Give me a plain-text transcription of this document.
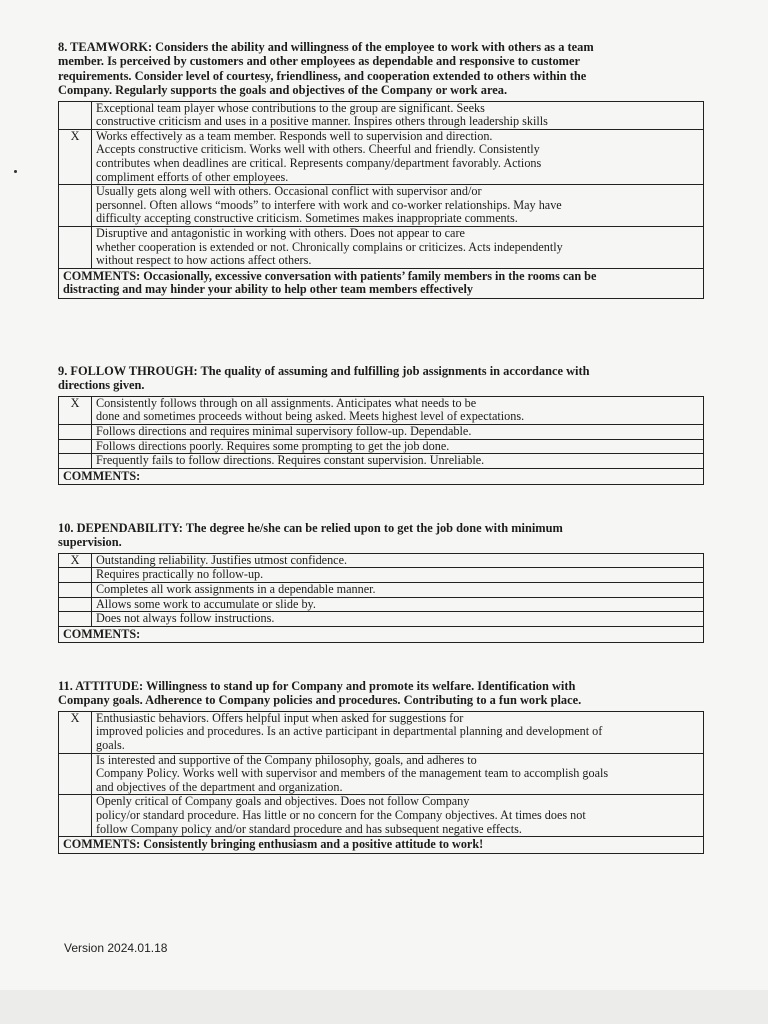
8. TEAMWORK: Considers the ability and willingness of the employee to work with others as a team
member. Is perceived by customers and other employees as dependable and responsive to customer
requirements. Consider level of courtesy, friendliness, and cooperation extended to others within the
Company. Regularly supports the goals and objectives of the Company or work area.

	Exceptional team player whose contributions to the group are significant. Seeks
constructive criticism and uses in a positive manner. Inspires others through leadership skills

X	Works effectively as a team member. Responds well to supervision and direction.
Accepts constructive criticism. Works well with others. Cheerful and friendly. Consistently
contributes when deadlines are critical. Represents company/department favorably. Actions
compliment efforts of other employees.

	Usually gets along well with others. Occasional conflict with supervisor and/or
personnel. Often allows “moods” to interfere with work and co-worker relationships. May have
difficulty accepting constructive criticism. Sometimes makes inappropriate comments.

	Disruptive and antagonistic in working with others. Does not appear to care
whether cooperation is extended or not. Chronically complains or criticizes. Acts independently
without respect to how actions affect others.

COMMENTS: Occasionally, excessive conversation with patients’ family members in the rooms can be
distracting and may hinder your ability to help other team members effectively	
9. FOLLOW THROUGH: The quality of assuming and fulfilling job assignments in accordance with
directions given.
X	Consistently follows through on all assignments. Anticipates what needs to be
done and sometimes proceeds without being asked. Meets highest level of expectations.

	Follows directions and requires minimal supervisory follow-up. Dependable.

	Follows directions poorly. Requires some prompting to get the job done.

	Frequently fails to follow directions. Requires constant supervision. Unreliable.

COMMENTS:	
10. DEPENDABILITY: The degree he/she can be relied upon to get the job done with minimum
supervision.
X	Outstanding reliability. Justifies utmost confidence.

	Requires practically no follow-up.

	Completes all work assignments in a dependable manner.

	Allows some work to accumulate or slide by.

	Does not always follow instructions.

COMMENTS:	
11. ATTITUDE: Willingness to stand up for Company and promote its welfare. Identification with
Company goals. Adherence to Company policies and procedures. Contributing to a fun work place.
X	Enthusiastic behaviors. Offers helpful input when asked for suggestions for
improved policies and procedures. Is an active participant in departmental planning and development of
goals.

	Is interested and supportive of the Company philosophy, goals, and adheres to
Company Policy. Works well with supervisor and members of the management team to accomplish goals
and objectives of the department and organization.

	Openly critical of Company goals and objectives. Does not follow Company
policy/or standard procedure. Has little or no concern for the Company objectives. At times does not
follow Company policy and/or standard procedure and has subsequent negative effects.

COMMENTS: Consistently bringing enthusiasm and a positive attitude to work!	
Version 2024.01.18
